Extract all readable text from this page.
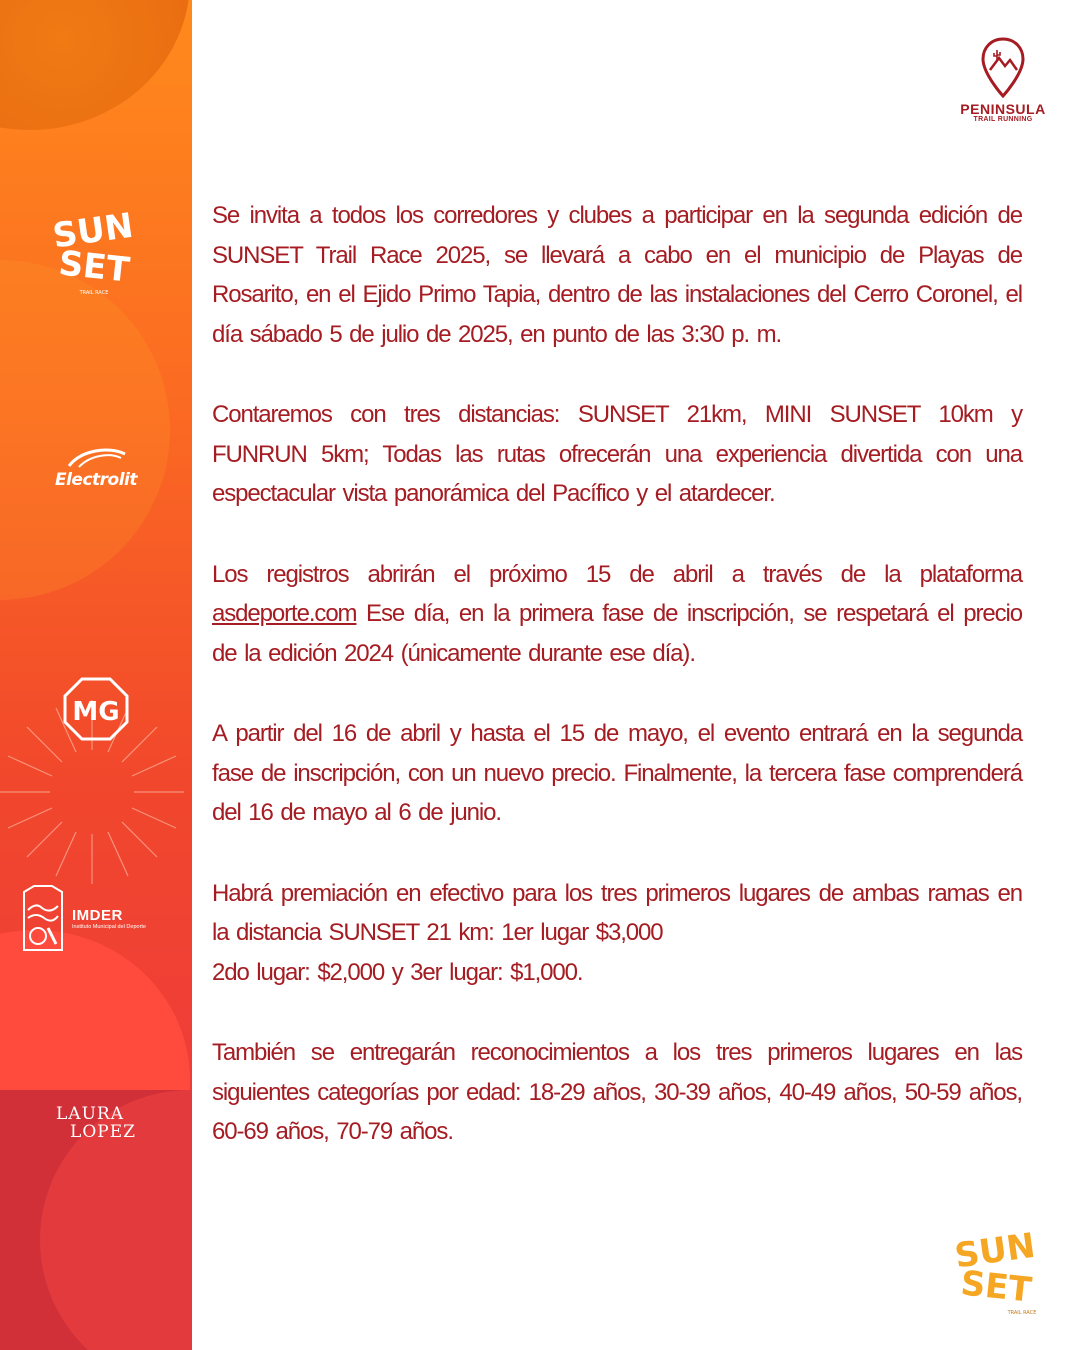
SUN
SET
TRAIL RACE
Electrolit
MG
IMDER
Instituto Municipal del Deporte
LAURA
LOPEZ
PENINSULA
TRAIL RUNNING

Se invita a todos los corredores y clubes a participar en la segunda edición de SUNSET Trail Race 2025, se llevará a cabo en el municipio de Playas de Rosarito, en el Ejido Primo Tapia, dentro de las instalaciones del Cerro Coronel, el día sábado 5 de julio de 2025, en punto de las 3:30 p. m.

Contaremos con tres distancias: SUNSET 21km, MINI SUNSET 10km y FUNRUN 5km; Todas las rutas ofrecerán una experiencia divertida con una espectacular vista panorámica del Pacífico y el atardecer.

Los registros abrirán el próximo 15 de abril a través de la plataforma asdeporte.com Ese día, en la primera fase de inscripción, se respetará el precio de la edición 2024 (únicamente durante ese día).

A partir del 16 de abril y hasta el 15 de mayo, el evento entrará en la segunda fase de inscripción, con un nuevo precio. Finalmente, la tercera fase comprenderá del 16 de mayo al 6 de junio.

Habrá premiación en efectivo para los tres primeros lugares de ambas ramas en la distancia SUNSET 21 km: 1er lugar $3,000
2do lugar: $2,000 y 3er lugar: $1,000.

También se entregarán reconocimientos a los tres primeros lugares en las siguientes categorías por edad: 18-29 años, 30-39 años, 40-49 años, 50-59 años, 60-69 años, 70-79 años.

SUN
SET
TRAIL RACE
